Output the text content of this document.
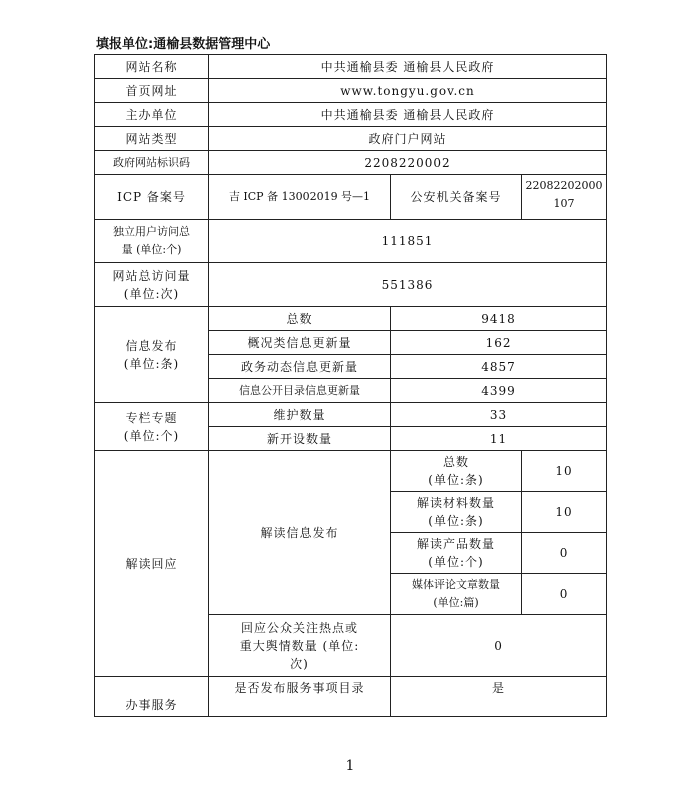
填报单位:通榆县数据管理中心
网站名称	中共通榆县委 通榆县人民政府		
首页网址	www.tongyu.gov.cn		
主办单位	中共通榆县委 通榆县人民政府		
网站类型	政府门户网站		
政府网站标识码	2208220002		
ICP 备案号	吉 ICP 备 13002019 号—1	公安机关备案号	22082202000
107

独立用户访问总
量 (单位:个)	111851		

网站总访问量
(单位:次)	551386		

信息发布
(单位:条)	总数	9418	
	概况类信息更新量	162	
	政务动态信息更新量	4857	
	信息公开目录信息更新量	4399	

专栏专题
(单位:个)	维护数量	33	
	新开设数量	11	
解读回应	解读信息发布	总数
(单位:条)	10

		解读材料数量
(单位:条)	10

		解读产品数量
(单位:个)	0

		媒体评论文章数量
(单位:篇)	0

	回应公众关注热点或
重大舆情数量 (单位:
次)	0	
办事服务	是否发布服务事项目录	是	
1
